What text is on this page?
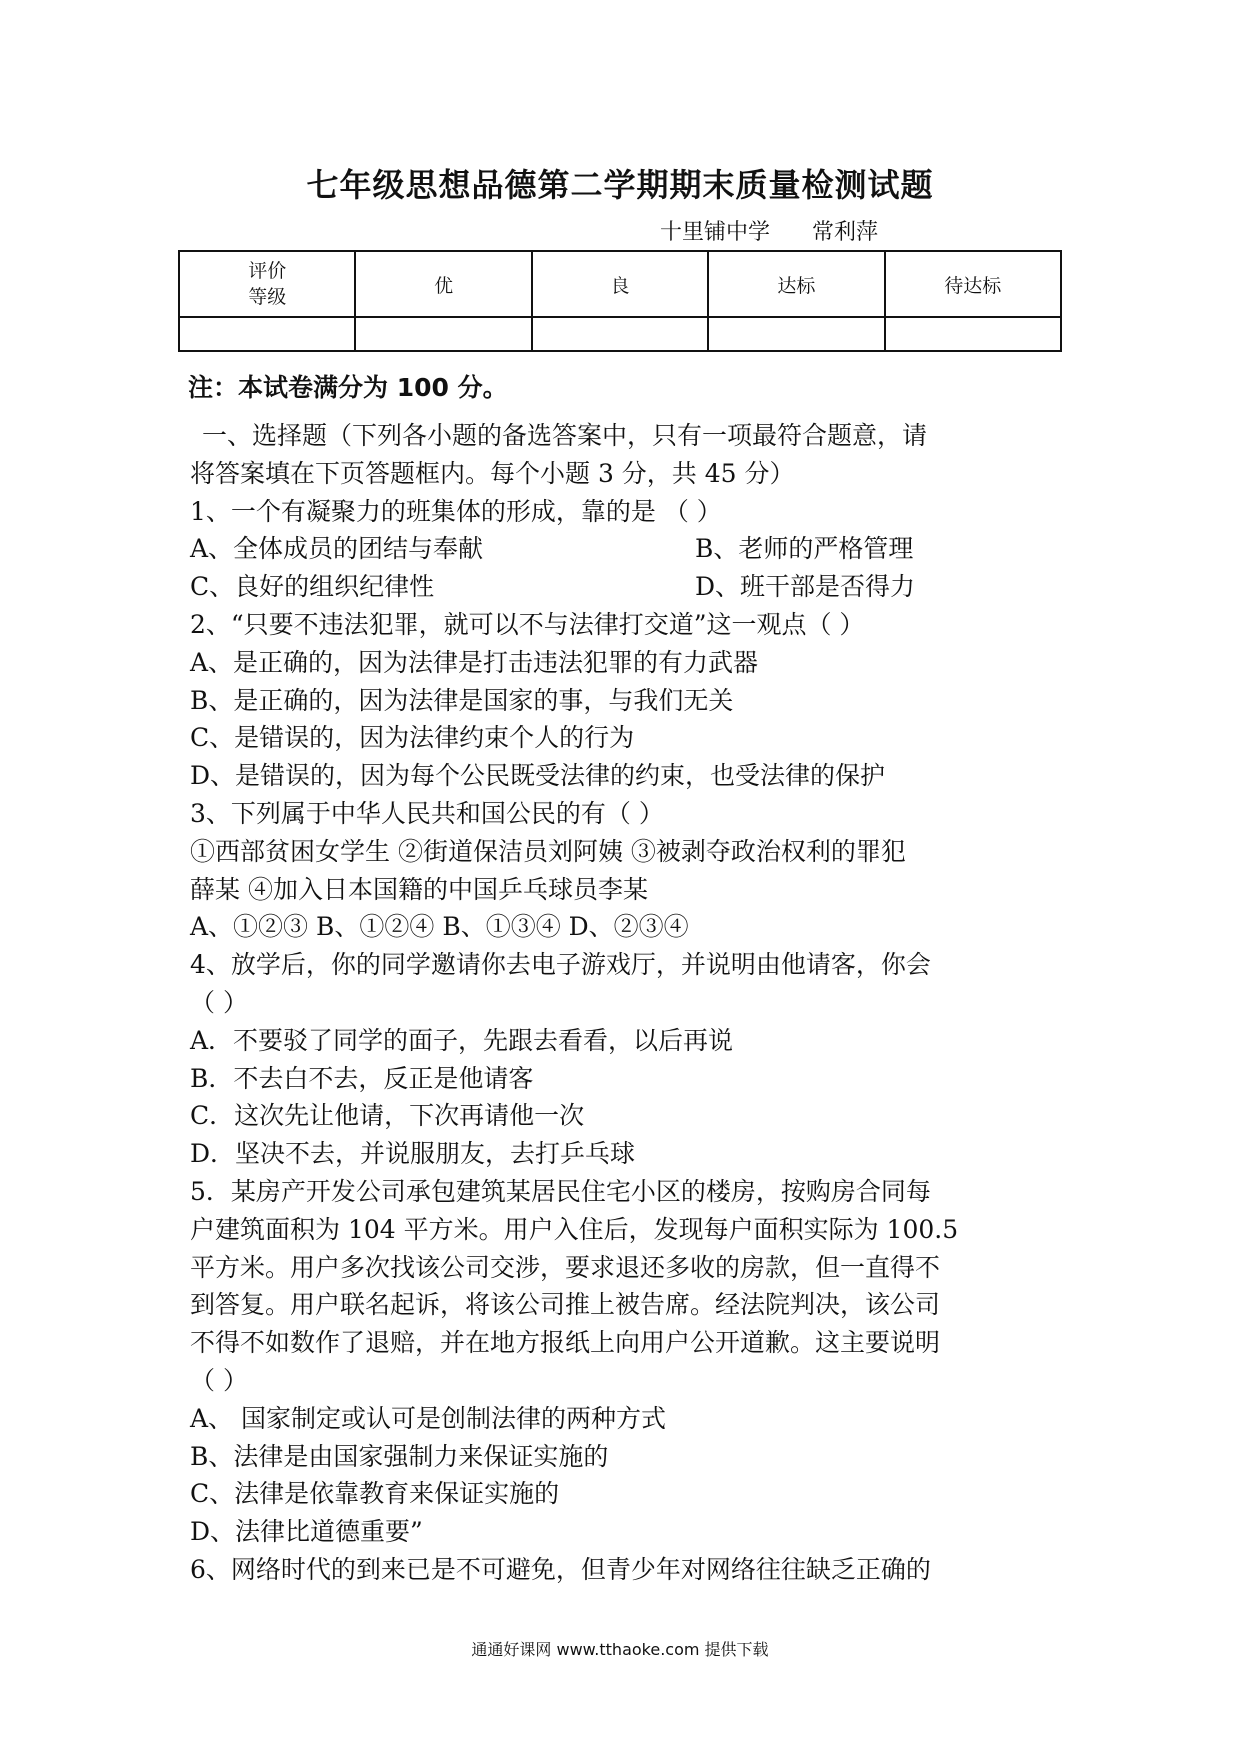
七年级思想品德第二学期期末质量检测试题
十里铺中学      常利萍
评价
等级	优	良	达标	待达标

注：本试卷满分为 100 分。
一、选择题（下列各小题的备选答案中，只有一项最符合题意，请
将答案填在下页答题框内。每个小题 3 分，共 45 分）
1、一个有凝聚力的班集体的形成，靠的是 （ ）
A、全体成员的团结与奉献	B、老师的严格管理
C、良好的组织纪律性	D、班干部是否得力
2、“只要不违法犯罪，就可以不与法律打交道”这一观点（ ）
A、是正确的，因为法律是打击违法犯罪的有力武器
B、是正确的，因为法律是国家的事，与我们无关
C、是错误的，因为法律约束个人的行为
D、是错误的，因为每个公民既受法律的约束，也受法律的保护
3、下列属于中华人民共和国公民的有（ ）
①西部贫困女学生 ②街道保洁员刘阿姨 ③被剥夺政治权利的罪犯
薛某 ④加入日本国籍的中国乒乓球员李某
A、①②③ B、①②④ B、①③④ D、②③④
4、放学后，你的同学邀请你去电子游戏厅，并说明由他请客，你会
（ ）
A．不要驳了同学的面子，先跟去看看，以后再说
B．不去白不去，反正是他请客
C．这次先让他请，下次再请他一次
D．坚决不去，并说服朋友，去打乒乓球
5．某房产开发公司承包建筑某居民住宅小区的楼房，按购房合同每
户建筑面积为 104 平方米。用户入住后，发现每户面积实际为 100.5
平方米。用户多次找该公司交涉，要求退还多收的房款，但一直得不
到答复。用户联名起诉，将该公司推上被告席。经法院判决，该公司
不得不如数作了退赔，并在地方报纸上向用户公开道歉。这主要说明
（ ）
A、 国家制定或认可是创制法律的两种方式
B、法律是由国家强制力来保证实施的
C、法律是依靠教育来保证实施的
D、法律比道德重要”
6、网络时代的到来已是不可避免，但青少年对网络往往缺乏正确的
通通好课网 www.tthaoke.com 提供下载
